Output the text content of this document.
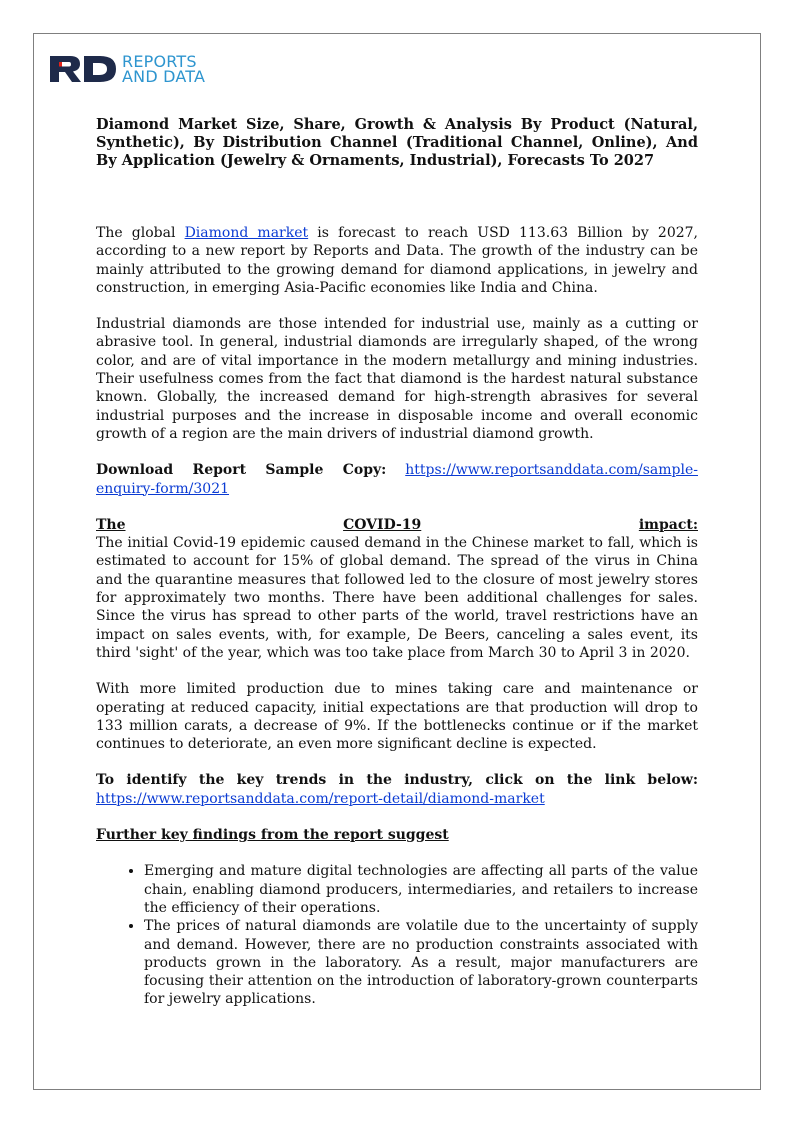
REPORTS
AND DATA
Diamond Market Size, Share, Growth & Analysis By Product (Natural, Synthetic), By Distribution Channel (Traditional Channel, Online), And By Application (Jewelry & Ornaments, Industrial), Forecasts To 2027

The global Diamond market is forecast to reach USD 113.63 Billion by 2027, according to a new report by Reports and Data. The growth of the industry can be mainly attributed to the growing demand for diamond applications, in jewelry and construction, in emerging Asia-Pacific economies like India and China.

Industrial diamonds are those intended for industrial use, mainly as a cutting or abrasive tool. In general, industrial diamonds are irregularly shaped, of the wrong color, and are of vital importance in the modern metallurgy and mining industries. Their usefulness comes from the fact that diamond is the hardest natural substance known. Globally, the increased demand for high-strength abrasives for several industrial purposes and the increase in disposable income and overall economic growth of a region are the main drivers of industrial diamond growth.

Download Report Sample Copy: https://www.reportsanddata.com/sample-enquiry-form/3021

The	COVID-19	impact:

The initial Covid-19 epidemic caused demand in the Chinese market to fall, which is estimated to account for 15% of global demand. The spread of the virus in China and the quarantine measures that followed led to the closure of most jewelry stores for approximately two months. There have been additional challenges for sales. Since the virus has spread to other parts of the world, travel restrictions have an impact on sales events, with, for example, De Beers, canceling a sales event, its third 'sight' of the year, which was too take place from March 30 to April 3 in 2020.

With more limited production due to mines taking care and maintenance or operating at reduced capacity, initial expectations are that production will drop to 133 million carats, a decrease of 9%. If the bottlenecks continue or if the market continues to deteriorate, an even more significant decline is expected.

To identify the key trends in the industry, click on the link below: https://www.reportsanddata.com/report-detail/diamond-market

Further key findings from the report suggest

• Emerging and mature digital technologies are affecting all parts of the value chain, enabling diamond producers, intermediaries, and retailers to increase the efficiency of their operations.
• The prices of natural diamonds are volatile due to the uncertainty of supply and demand. However, there are no production constraints associated with products grown in the laboratory. As a result, major manufacturers are focusing their attention on the introduction of laboratory-grown counterparts for jewelry applications.
